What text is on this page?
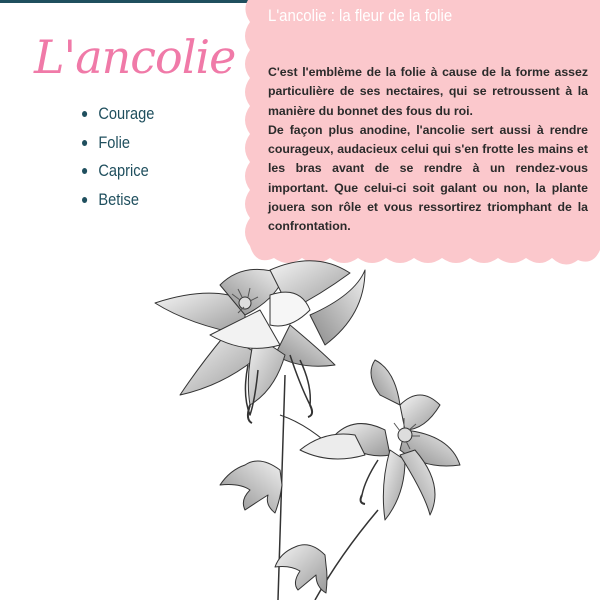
L'ancolie
Courage
Folie
Caprice
Betise
L'ancolie : la fleur de la folie

C'est l'emblème de la folie à cause de la forme assez particulière de ses nectaires, qui se retroussent à la manière du bonnet des fous du roi.

De façon plus anodine, l'ancolie sert aussi à rendre courageux, audacieux celui qui s'en frotte les mains et les bras avant de se rendre à un rendez-vous important. Que celui-ci soit galant ou non, la plante jouera son rôle et vous ressortirez triomphant de la confrontation.
